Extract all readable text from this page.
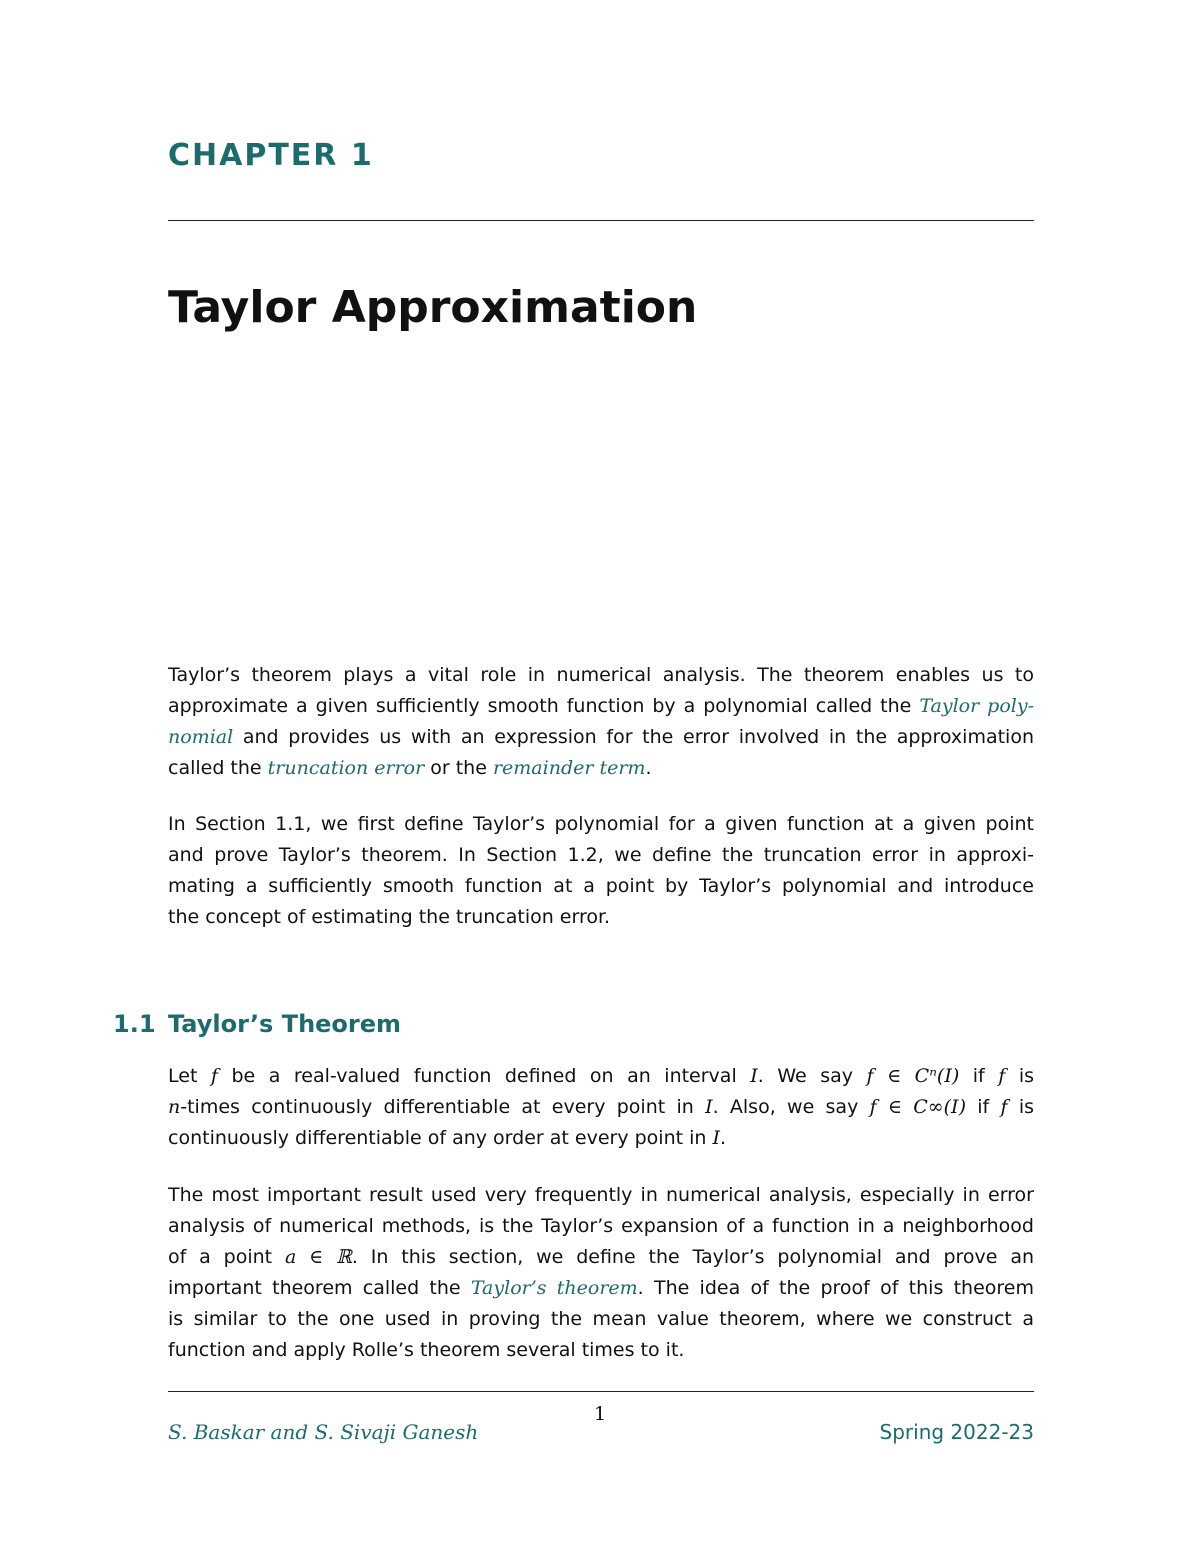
CHAPTER 1
Taylor Approximation
Taylor’s theorem plays a vital role in numerical analysis. The theorem enables us to
approximate a given sufficiently smooth function by a polynomial called the Taylor poly-
nomial and provides us with an expression for the error involved in the approximation
called the truncation error or the remainder term.
In Section 1.1, we first define Taylor’s polynomial for a given function at a given point
and prove Taylor’s theorem. In Section 1.2, we define the truncation error in approxi-
mating a sufficiently smooth function at a point by Taylor’s polynomial and introduce
the concept of estimating the truncation error.
1.1 Taylor’s Theorem
Let f be a real-valued function defined on an interval I. We say f ∈ Cⁿ(I) if f is
n-times continuously differentiable at every point in I. Also, we say f ∈ C∞(I) if f is
continuously differentiable of any order at every point in I.
The most important result used very frequently in numerical analysis, especially in error
analysis of numerical methods, is the Taylor’s expansion of a function in a neighborhood
of a point a ∈ ℝ. In this section, we define the Taylor’s polynomial and prove an
important theorem called the Taylor’s theorem. The idea of the proof of this theorem
is similar to the one used in proving the mean value theorem, where we construct a
function and apply Rolle’s theorem several times to it.
1
S. Baskar and S. Sivaji Ganesh	Spring 2022-23
